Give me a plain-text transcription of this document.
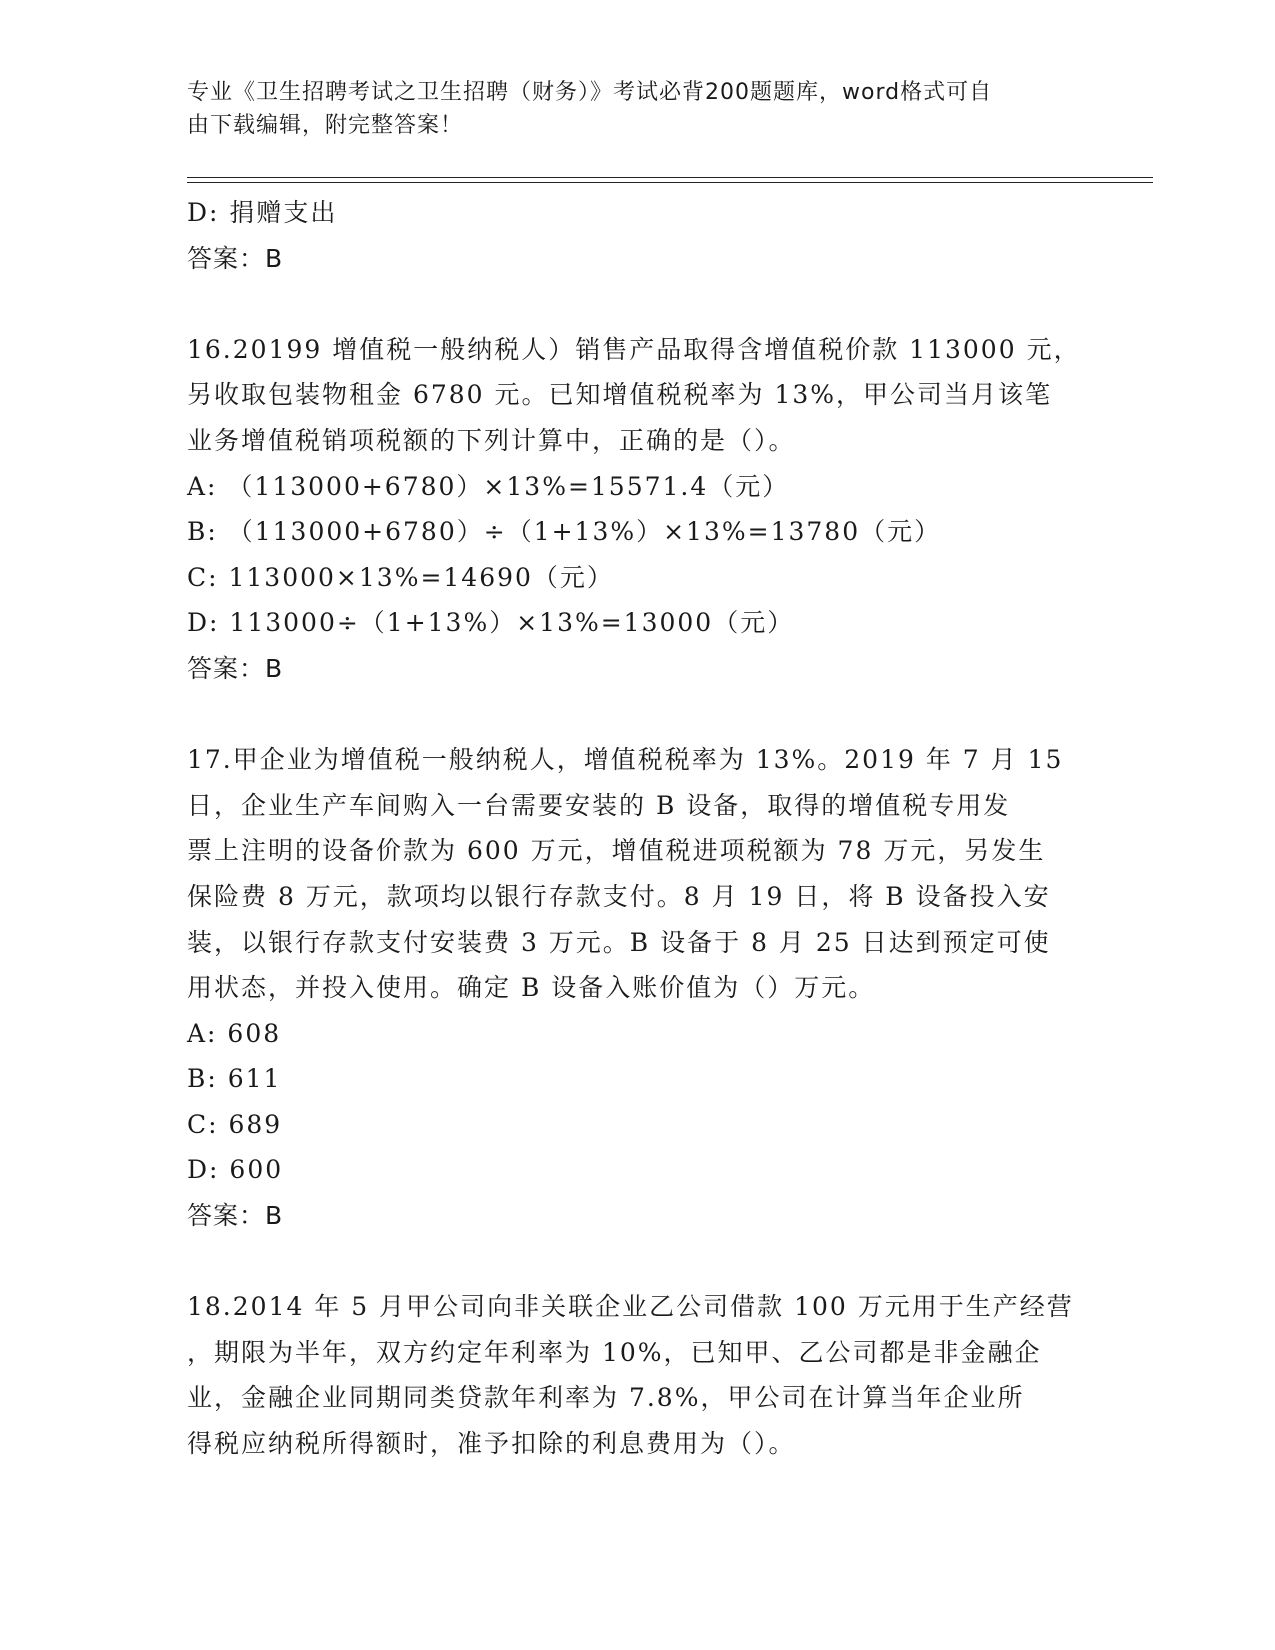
专业《卫生招聘考试之卫生招聘（财务）》考试必背200题题库，word格式可自
由下载编辑，附完整答案！
D: 捐赠支出
答案：B
16.20199 增值税一般纳税人）销售产品取得含增值税价款 113000 元，
另收取包装物租金 6780 元。已知增值税税率为 13%，甲公司当月该笔
业务增值税销项税额的下列计算中，正确的是（）。
A: （113000+6780）×13%=15571.4（元）
B: （113000+6780）÷（1+13%）×13%=13780（元）
C: 113000×13%=14690（元）
D: 113000÷（1+13%）×13%=13000（元）
答案：B
17.甲企业为增值税一般纳税人，增值税税率为 13%。2019 年 7 月 15
日，企业生产车间购入一台需要安装的 B 设备，取得的增值税专用发
票上注明的设备价款为 600 万元，增值税进项税额为 78 万元，另发生
保险费 8 万元，款项均以银行存款支付。8 月 19 日，将 B 设备投入安
装，以银行存款支付安装费 3 万元。B 设备于 8 月 25 日达到预定可使
用状态，并投入使用。确定 B 设备入账价值为（）万元。
A: 608
B: 611
C: 689
D: 600
答案：B
18.2014 年 5 月甲公司向非关联企业乙公司借款 100 万元用于生产经营
，期限为半年，双方约定年利率为 10%，已知甲、乙公司都是非金融企
业，金融企业同期同类贷款年利率为 7.8%，甲公司在计算当年企业所
得税应纳税所得额时，准予扣除的利息费用为（）。
